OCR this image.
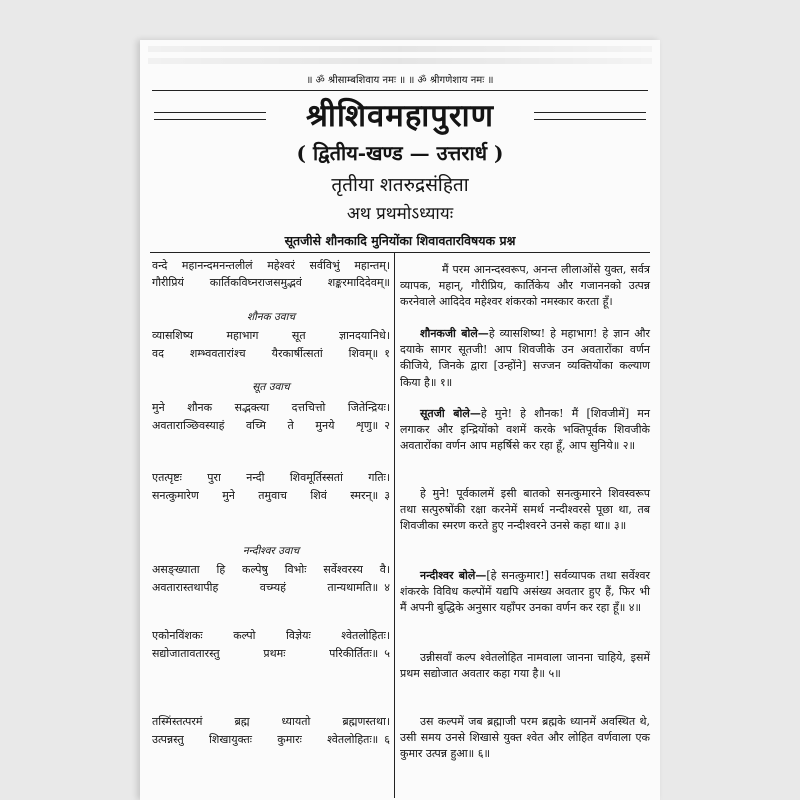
॥ ॐ श्रीसाम्बशिवाय नमः ॥ ॥ ॐ श्रीगणेशाय नमः ॥
श्रीशिवमहापुराण
( द्वितीय-खण्ड — उत्तरार्ध )
तृतीया शतरुद्रसंहिता
अथ प्रथमोऽध्यायः
सूतजीसे शौनकादि मुनियोंका शिवावतारविषयक प्रश्न
वन्दे महानन्दमनन्तलीलं महेश्वरं सर्वविभुं महान्तम्।
गौरीप्रियं कार्तिकविघ्नराजसमुद्भवं शङ्करमादिदेवम्॥
शौनक उवाच
व्यासशिष्य महाभाग सूत ज्ञानदयानिधे।
वद शम्भ्ववतारांश्च यैरकार्षीत्सतां शिवम्॥ १
सूत उवाच
मुने शौनक सद्भक्त्या दत्तचित्तो जितेन्द्रियः।
अवताराञ्छिवस्याहं वच्मि ते मुनये शृणु॥ २
एतत्पृष्टः पुरा नन्दी शिवमूर्तिस्सतां गतिः।
सनत्कुमारेण मुने तमुवाच शिवं स्मरन्॥ ३
नन्दीश्वर उवाच
असङ्ख्याता हि कल्पेषु विभोः सर्वेश्वरस्य वै।
अवतारास्तथापीह वच्म्यहं तान्यथामति॥ ४
एकोनविंशकः कल्पो विज्ञेयः श्वेतलोहितः।
सद्योजातावतारस्तु प्रथमः परिकीर्तितः॥ ५
तस्मिंस्तत्परमं ब्रह्म ध्यायतो ब्रह्मणस्तथा।
उत्पन्नस्तु शिखायुक्तः कुमारः श्वेतलोहितः॥ ६
मैं परम आनन्दस्वरूप, अनन्त लीलाओंसे युक्त, सर्वत्र व्यापक, महान्, गौरीप्रिय, कार्तिकेय और गजाननको उत्पन्न करनेवाले आदिदेव महेश्वर शंकरको नमस्कार करता हूँ।
शौनकजी बोले—हे व्यासशिष्य! हे महाभाग! हे ज्ञान और दयाके सागर सूतजी! आप शिवजीके उन अवतारोंका वर्णन कीजिये, जिनके द्वारा [उन्होंने] सज्जन व्यक्तियोंका कल्याण किया है॥ १॥
सूतजी बोले—हे मुने! हे शौनक! मैं [शिवजीमें] मन लगाकर और इन्द्रियोंको वशमें करके भक्तिपूर्वक शिवजीके अवतारोंका वर्णन आप महर्षिसे कर रहा हूँ, आप सुनिये॥ २॥
हे मुने! पूर्वकालमें इसी बातको सनत्कुमारने शिवस्वरूप तथा सत्पुरुषोंकी रक्षा करनेमें समर्थ नन्दीश्वरसे पूछा था, तब शिवजीका स्मरण करते हुए नन्दीश्वरने उनसे कहा था॥ ३॥
नन्दीश्वर बोले—[हे सनत्कुमार!] सर्वव्यापक तथा सर्वेश्वर शंकरके विविध कल्पोंमें यद्यपि असंख्य अवतार हुए हैं, फिर भी मैं अपनी बुद्धिके अनुसार यहाँपर उनका वर्णन कर रहा हूँ॥ ४॥
उन्नीसवाँ कल्प श्वेतलोहित नामवाला जानना चाहिये, इसमें प्रथम सद्योजात अवतार कहा गया है॥ ५॥
उस कल्पमें जब ब्रह्माजी परम ब्रह्मके ध्यानमें अवस्थित थे, उसी समय उनसे शिखासे युक्त श्वेत और लोहित वर्णवाला एक कुमार उत्पन्न हुआ॥ ६॥
